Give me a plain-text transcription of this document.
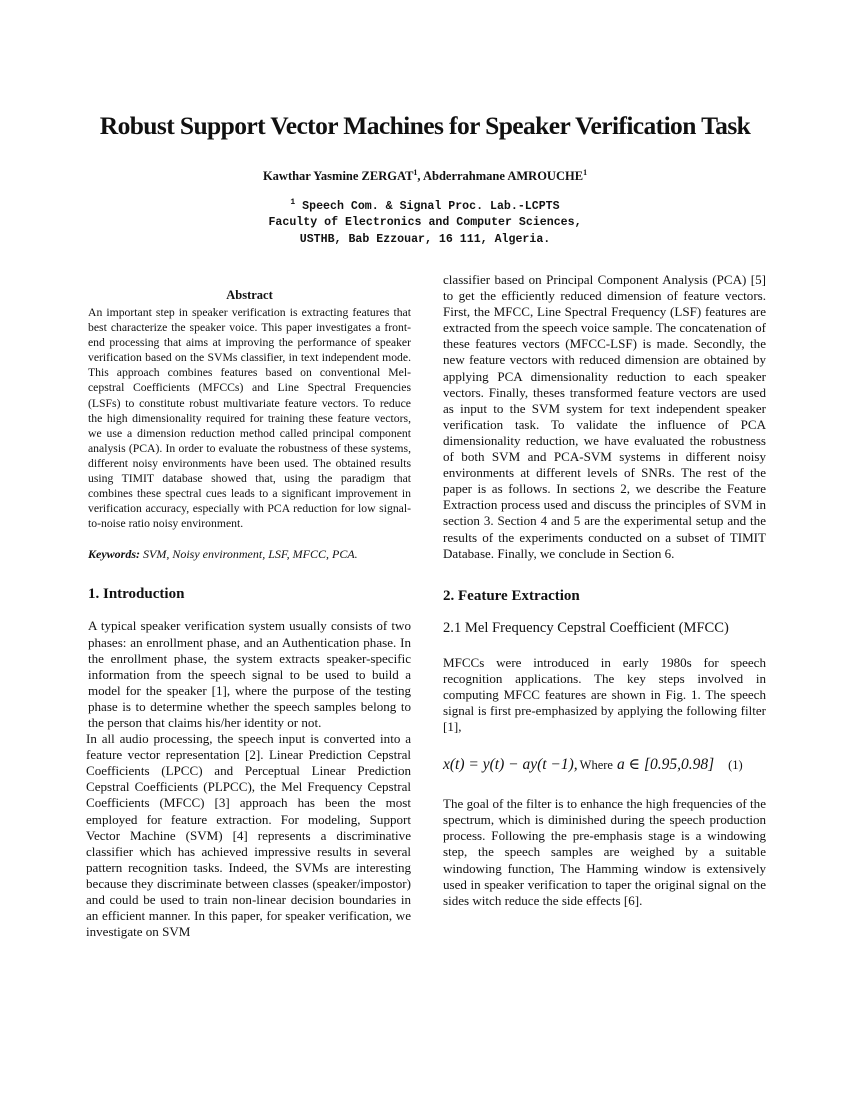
Robust Support Vector Machines for Speaker Verification Task
Kawthar Yasmine ZERGAT$^1$, Abderrahmane AMROUCHE$^1$
$^1$ Speech Com. & Signal Proc. Lab.-LCPTS
Faculty of Electronics and Computer Sciences,
USTHB, Bab Ezzouar, 16 111, Algeria.

Abstract

An important step in speaker verification is extracting features that best characterize the speaker voice. This paper investigates a front-end processing that aims at improving the performance of speaker verification based on the SVMs classifier, in text independent mode. This approach combines features based on conventional Mel-cepstral Coefficients (MFCCs) and Line Spectral Frequencies (LSFs) to constitute robust multivariate feature vectors. To reduce the high dimensionality required for training these feature vectors, we use a dimension reduction method called principal component analysis (PCA). In order to evaluate the robustness of these systems, different noisy environments have been used. The obtained results using TIMIT database showed that, using the paradigm that combines these spectral cues leads to a significant improvement in verification accuracy, especially with PCA reduction for low signal-to-noise ratio noisy environment.

Keywords: SVM, Noisy environment, LSF, MFCC, PCA.

1. Introduction

A typical speaker verification system usually consists of two phases: an enrollment phase, and an Authentication phase. In the enrollment phase, the system extracts speaker-specific information from the speech signal to be used to build a model for the speaker [1], where the purpose of the testing phase is to determine whether the speech samples belong to the person that claims his/her identity or not.

In all audio processing, the speech input is converted into a feature vector representation [2]. Linear Prediction Cepstral Coefficients (LPCC) and Perceptual Linear Prediction Cepstral Coefficients (PLPCC), the Mel Frequency Cepstral Coefficients (MFCC) [3] approach has been the most employed for feature extraction. For modeling, Support Vector Machine (SVM) [4] represents a discriminative classifier which has achieved impressive results in several pattern recognition tasks. Indeed, the SVMs are interesting because they discriminate between classes (speaker/impostor) and could be used to train non-linear decision boundaries in an efficient manner. In this paper, for speaker verification, we investigate on SVM

classifier based on Principal Component Analysis (PCA) [5] to get the efficiently reduced dimension of feature vectors. First, the MFCC, Line Spectral Frequency (LSF) features are extracted from the speech voice sample. The concatenation of these features vectors (MFCC-LSF) is made. Secondly, the new feature vectors with reduced dimension are obtained by applying PCA dimensionality reduction to each speaker vectors. Finally, theses transformed feature vectors are used as input to the SVM system for text independent speaker verification task. To validate the influence of PCA dimensionality reduction, we have evaluated the robustness of both SVM and PCA-SVM systems in different noisy environments at different levels of SNRs. The rest of the paper is as follows. In sections 2, we describe the Feature Extraction process used and discuss the principles of SVM in section 3. Section 4 and 5 are the experimental setup and the results of the experiments conducted on a subset of TIMIT Database. Finally, we conclude in Section 6.

2. Feature Extraction

2.1 Mel Frequency Cepstral Coefficient (MFCC)

MFCCs were introduced in early 1980s for speech recognition applications. The key steps involved in computing MFCC features are shown in Fig. 1. The speech signal is first pre-emphasized by applying the following filter [1],

x(t) = y(t) − ay(t −1), Where a ∈ [0.95,0.98] (1)

The goal of the filter is to enhance the high frequencies of the spectrum, which is diminished during the speech production process. Following the pre-emphasis stage is a windowing step, the speech samples are weighed by a suitable windowing function, The Hamming window is extensively used in speaker verification to taper the original signal on the sides witch reduce the side effects [6].
